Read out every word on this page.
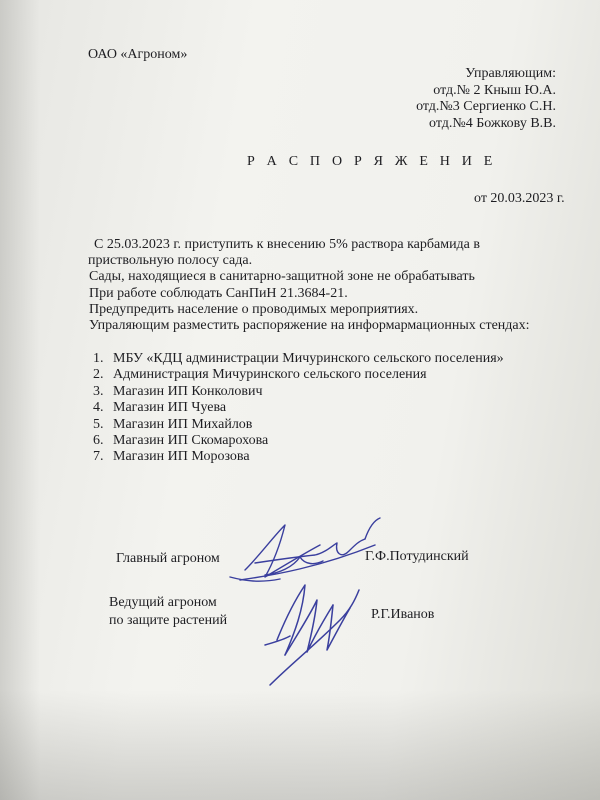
ОАО «Агроном»
Управляющим:
отд.№ 2 Кныш Ю.А.
отд.№3 Сергиенко С.Н.
отд.№4 Божкову В.В.
Р А С П О Р Я Ж Е Н И Е
от 20.03.2023 г.
С 25.03.2023 г. приступить к внесению 5% раствора карбамида в
приствольную полосу сада.
Сады, находящиеся в санитарно-защитной зоне не обрабатывать
При работе соблюдать СанПиН 21.3684-21.
Предупредить население о проводимых мероприятиях.
Упраляющим разместить распоряжение на информармационных стендах:
1. МБУ «КДЦ администрации Мичуринского сельского поселения»
2. Администрация Мичуринского сельского поселения
3. Магазин ИП Конколович
4. Магазин ИП Чуева
5. Магазин ИП Михайлов
6. Магазин ИП Скомарохова
7. Магазин ИП Морозова
Главный агроном	Г.Ф.Потудинский
Ведущий агроном
по защите растений	Р.Г.Иванов
